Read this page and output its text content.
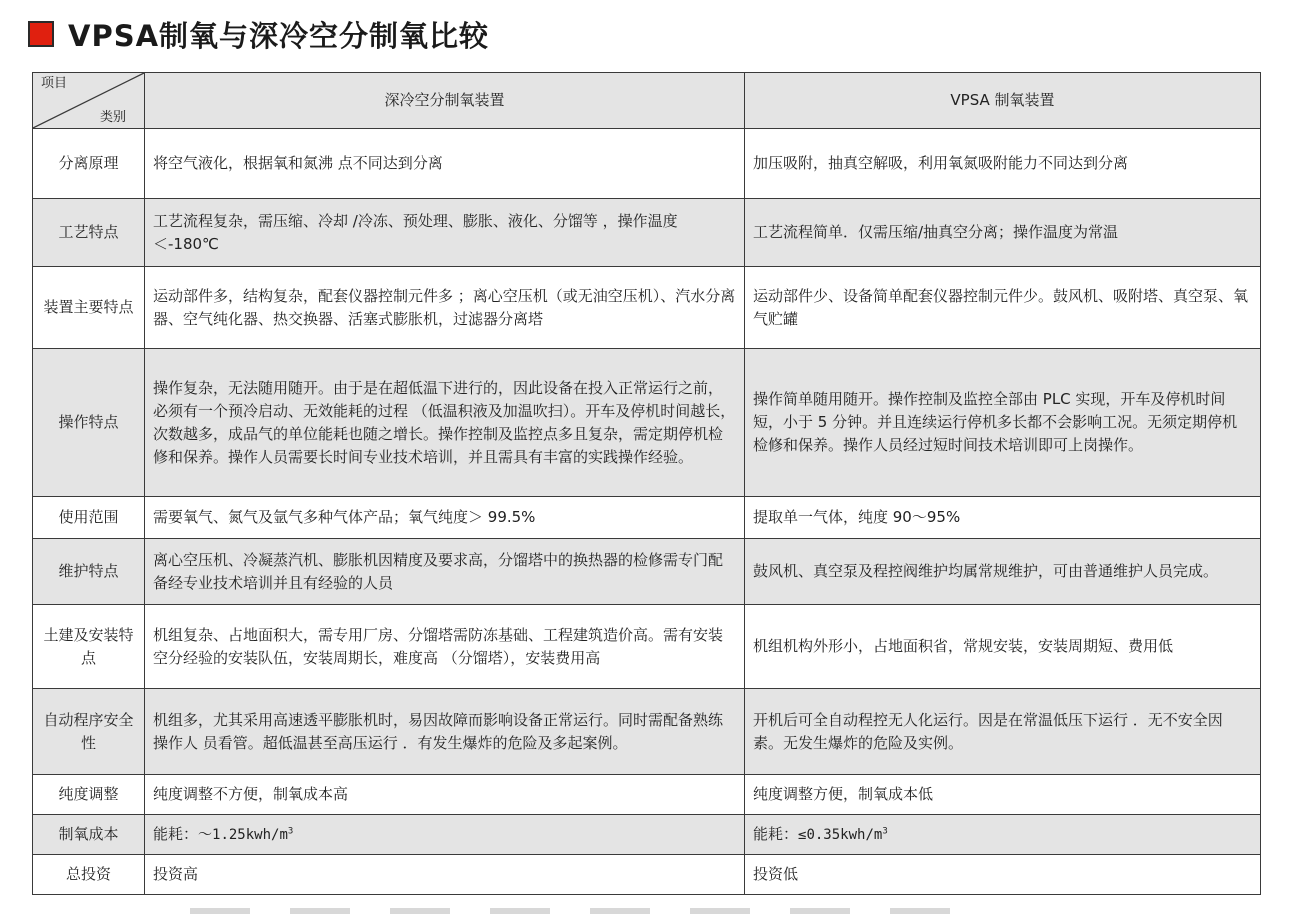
VPSA制氧与深冷空分制氧比较
项目
类别	深冷空分制氧装置	VPSA 制氧装置
分离原理	将空气液化，根据氧和氮沸 点不同达到分离	加压吸附，抽真空解吸，利用氧氮吸附能力不同达到分离
工艺特点	工艺流程复杂，需压缩、冷却 /冷冻、预处理、膨胀、液化、分馏等 ，操作温度＜-180℃	工艺流程简单．仅需压缩/抽真空分离；操作温度为常温
装置主要特点	运动部件多，结构复杂，配套仪器控制元件多 ；离心空压机（或无油空压机）、汽水分离器、空气纯化器、热交换器、活塞式膨胀机，过滤器分离塔	运动部件少、设备简单配套仪器控制元件少。鼓风机、吸附塔、真空泵、氧气贮罐
操作特点	操作复杂，无法随用随开。由于是在超低温下进行的，因此设备在投入正常运行之前，必须有一个预冷启动、无效能耗的过程 （低温积液及加温吹扫）。开车及停机时间越长，次数越多，成品气的单位能耗也随之增长。操作控制及监控点多且复杂，需定期停机检修和保养。操作人员需要长时间专业技术培训，并且需具有丰富的实践操作经验。	操作简单随用随开。操作控制及监控全部由 PLC 实现，开车及停机时间短，小于 5 分钟。并且连续运行停机多长都不会影响工况。无须定期停机检修和保养。操作人员经过短时间技术培训即可上岗操作。
使用范围	需要氧气、氮气及氩气多种气体产品；氧气纯度＞ 99.5%	提取单一气体，纯度 90～95%
维护特点	离心空压机、冷凝蒸汽机、膨胀机因精度及要求高，分馏塔中的换热器的检修需专门配备经专业技术培训并且有经验的人员	鼓风机、真空泵及程控阀维护均属常规维护，可由普通维护人员完成。
土建及安装特点	机组复杂、占地面积大，需专用厂房、分馏塔需防冻基础、工程建筑造价高。需有安装空分经验的安装队伍，安装周期长，难度高 （分馏塔），安装费用高	机组机构外形小，占地面积省，常规安装，安装周期短、费用低
自动程序安全性	机组多，尤其采用高速透平膨胀机时，易因故障而影响设备正常运行。同时需配备熟练操作人 员看管。超低温甚至高压运行 ．有发生爆炸的危险及多起案例。	开机后可全自动程控无人化运行。因是在常温低压下运行 ．无不安全因素。无发生爆炸的危险及实例。
纯度调整	纯度调整不方便，制氧成本高	纯度调整方便，制氧成本低
制氧成本	能耗：$\sim 1.25kwh/m^3$	能耗：$\le 0.35kwh/m^3$
总投资	投资高	投资低
